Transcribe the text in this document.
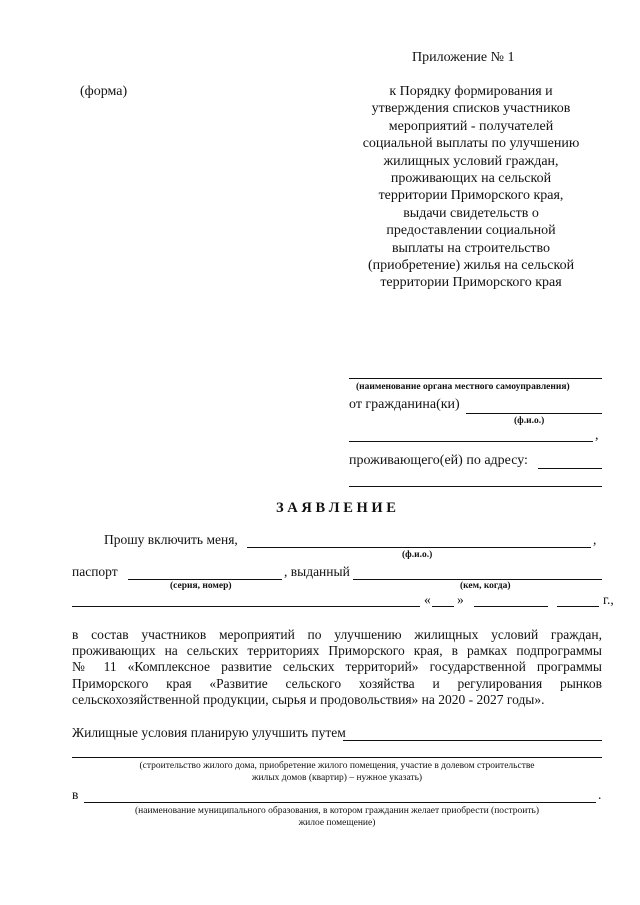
Приложение № 1
(форма)	к Порядку формирования и
утверждения списков участников
мероприятий - получателей
социальной выплаты по улучшению
жилищных условий граждан,
проживающих на сельской
территории Приморского края,
выдачи свидетельств о
предоставлении социальной
выплаты на строительство
(приобретение) жилья на сельской
территории Приморского края
(наименование органа местного самоуправления)
от гражданина(ки)
(ф.и.о.)
,
проживающего(ей) по адресу:
З А Я В Л Е Н И Е
Прошу включить меня,	,
(ф.и.о.)
паспорт	, выданный
(серия, номер)	(кем, когда)
« »	г.,
в состав участников мероприятий по улучшению жилищных условий граждан,
проживающих на сельских территориях Приморского края, в рамках подпрограммы
№ 11 «Комплексное развитие сельских территорий» государственной программы
Приморского края «Развитие сельского хозяйства и регулирования рынков
сельскохозяйственной продукции, сырья и продовольствия» на 2020 - 2027 годы».
Жилищные условия планирую улучшить путем
(строительство жилого дома, приобретение жилого помещения, участие в долевом строительстве
жилых домов (квартир) – нужное указать)
в	.
(наименование муниципального образования, в котором гражданин желает приобрести (построить)
жилое помещение)
